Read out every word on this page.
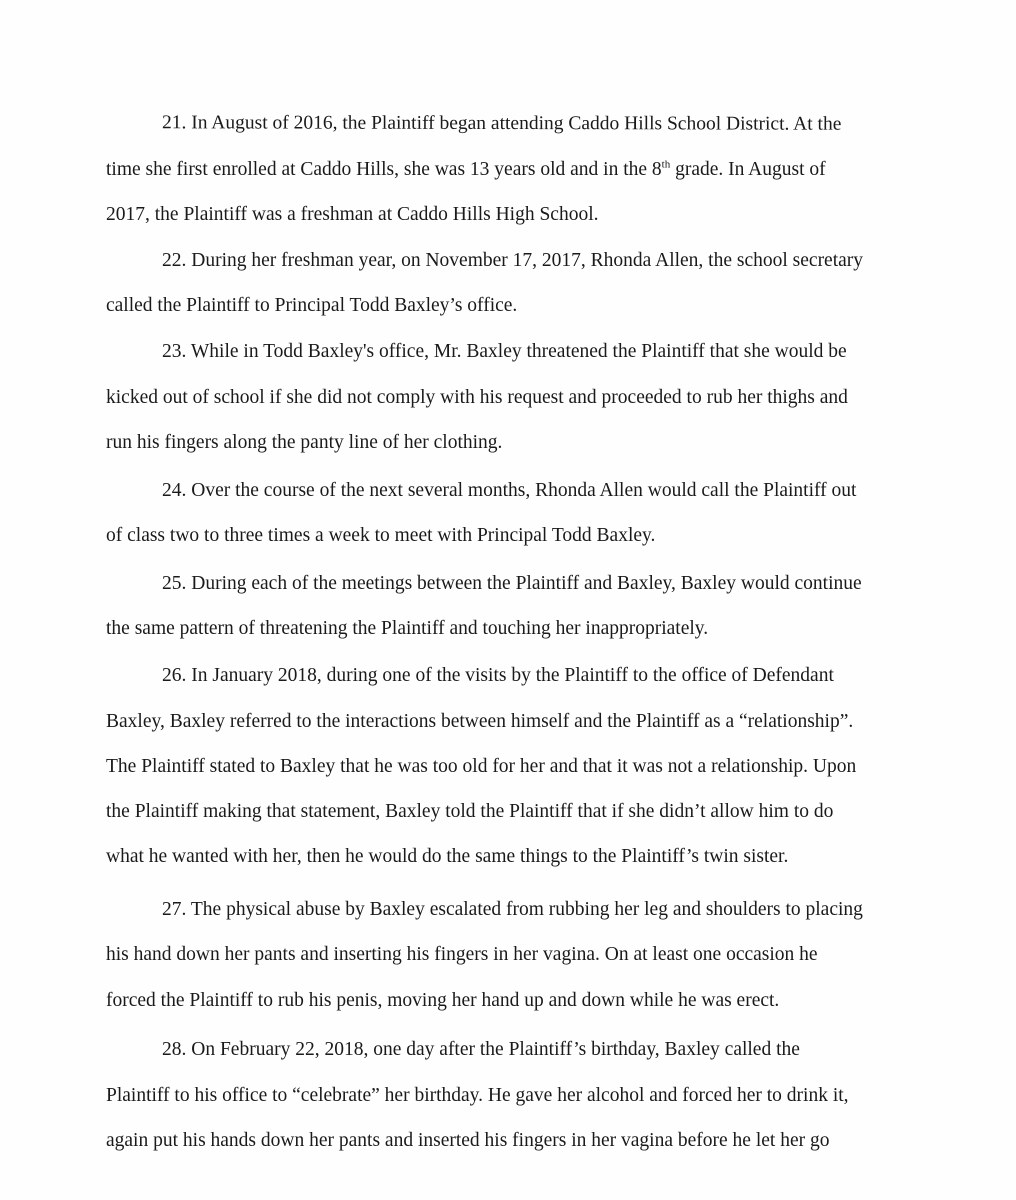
21. In August of 2016, the Plaintiff began attending Caddo Hills School District. At the
time she first enrolled at Caddo Hills, she was 13 years old and in the 8th grade. In August of
2017, the Plaintiff was a freshman at Caddo Hills High School.
22. During her freshman year, on November 17, 2017, Rhonda Allen, the school secretary
called the Plaintiff to Principal Todd Baxley’s office.
23. While in Todd Baxley's office, Mr. Baxley threatened the Plaintiff that she would be
kicked out of school if she did not comply with his request and proceeded to rub her thighs and
run his fingers along the panty line of her clothing.
24. Over the course of the next several months, Rhonda Allen would call the Plaintiff out
of class two to three times a week to meet with Principal Todd Baxley.
25. During each of the meetings between the Plaintiff and Baxley, Baxley would continue
the same pattern of threatening the Plaintiff and touching her inappropriately.
26. In January 2018, during one of the visits by the Plaintiff to the office of Defendant
Baxley, Baxley referred to the interactions between himself and the Plaintiff as a “relationship”.
The Plaintiff stated to Baxley that he was too old for her and that it was not a relationship. Upon
the Plaintiff making that statement, Baxley told the Plaintiff that if she didn’t allow him to do
what he wanted with her, then he would do the same things to the Plaintiff’s twin sister.
27. The physical abuse by Baxley escalated from rubbing her leg and shoulders to placing
his hand down her pants and inserting his fingers in her vagina. On at least one occasion he
forced the Plaintiff to rub his penis, moving her hand up and down while he was erect.
28. On February 22, 2018, one day after the Plaintiff’s birthday, Baxley called the
Plaintiff to his office to “celebrate” her birthday. He gave her alcohol and forced her to drink it,
again put his hands down her pants and inserted his fingers in her vagina before he let her go
